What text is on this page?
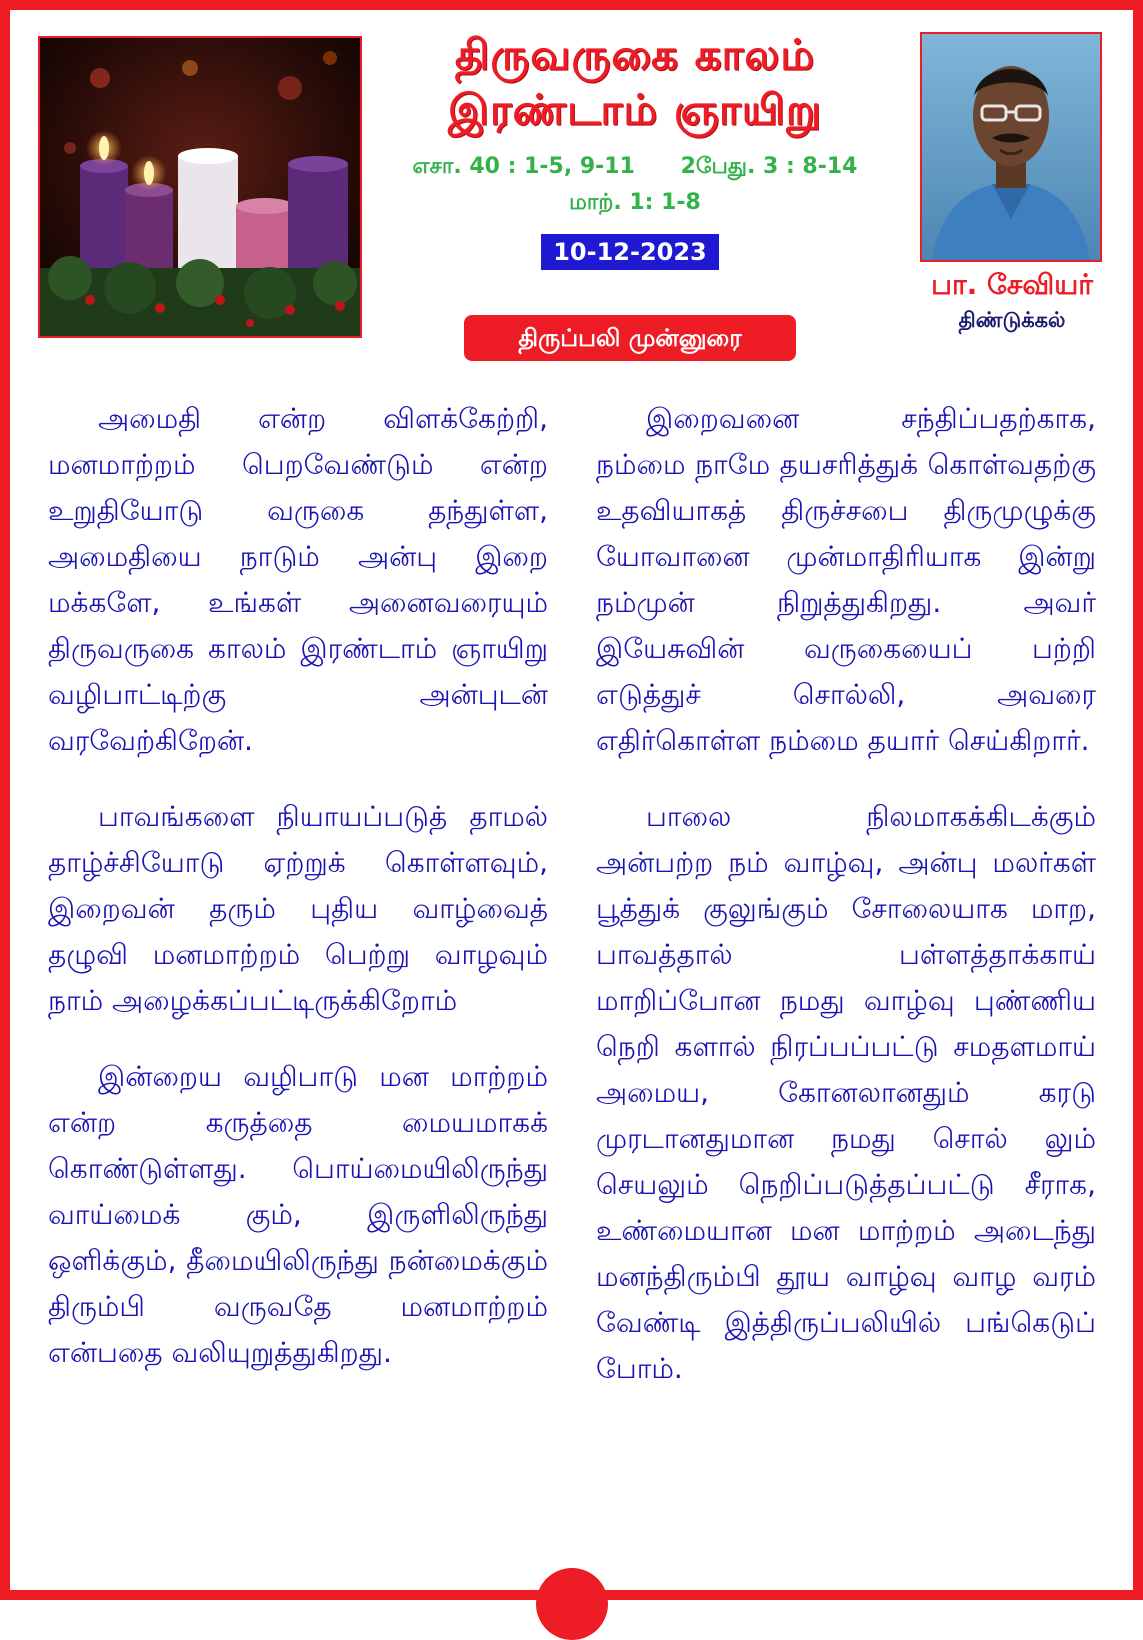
திருவருகை காலம்
இரண்டாம் ஞாயிறு
எசா. 40 : 1-5, 9-11 2பேது. 3 : 8-14
மாற். 1: 1-8
10-12-2023
பா. சேவியர்
திண்டுக்கல்
திருப்பலி முன்னுரை

அமைதி என்ற விளக்கேற்றி, மனமாற்றம் பெறவேண்டும் என்ற உறுதியோடு வருகை தந்துள்ள, அமைதியை நாடும் அன்பு இறை மக்களே, உங்கள் அனைவரையும் திருவருகை காலம் இரண்டாம் ஞாயிறு வழிபாட்டிற்கு அன்புடன் வரவேற்கிறேன்.

பாவங்களை நியாயப்படுத் தாமல் தாழ்ச்சியோடு ஏற்றுக் கொள்ளவும், இறைவன் தரும் புதிய வாழ்வைத் தழுவி மனமாற்றம் பெற்று வாழவும் நாம் அழைக்கப்பட்டிருக்கிறோம்

இன்றைய வழிபாடு மன மாற்றம் என்ற கருத்தை மையமாகக் கொண்டுள்ளது. பொய்மையிலிருந்து வாய்மைக் கும், இருளிலிருந்து ஒளிக்கும், தீமையிலிருந்து நன்மைக்கும் திரும்பி வருவதே மனமாற்றம் என்பதை வலியுறுத்துகிறது.

இறைவனை சந்திப்பதற்காக, நம்மை நாமே தயசரித்துக் கொள்வதற்கு உதவியாகத் திருச்சபை திருமுழுக்கு யோவானை முன்மாதிரியாக இன்று நம்முன் நிறுத்துகிறது. அவர் இயேசுவின் வருகையைப் பற்றி எடுத்துச் சொல்லி, அவரை எதிர்கொள்ள நம்மை தயார் செய்கிறார்.

பாலை நிலமாகக்கிடக்கும் அன்பற்ற நம் வாழ்வு, அன்பு மலர்கள் பூத்துக் குலுங்கும் சோலையாக மாற, பாவத்தால் பள்ளத்தாக்காய் மாறிப்போன நமது வாழ்வு புண்ணிய நெறி களால் நிரப்பப்பட்டு சமதளமாய் அமைய, கோனலானதும் கரடு முரடானதுமான நமது சொல் லும் செயலும் நெறிப்படுத்தப்பட்டு சீராக, உண்மையான மன மாற்றம் அடைந்து மனந்திரும்பி தூய வாழ்வு வாழ வரம் வேண்டி இத்திருப்பலியில் பங்கெடுப் போம்.
